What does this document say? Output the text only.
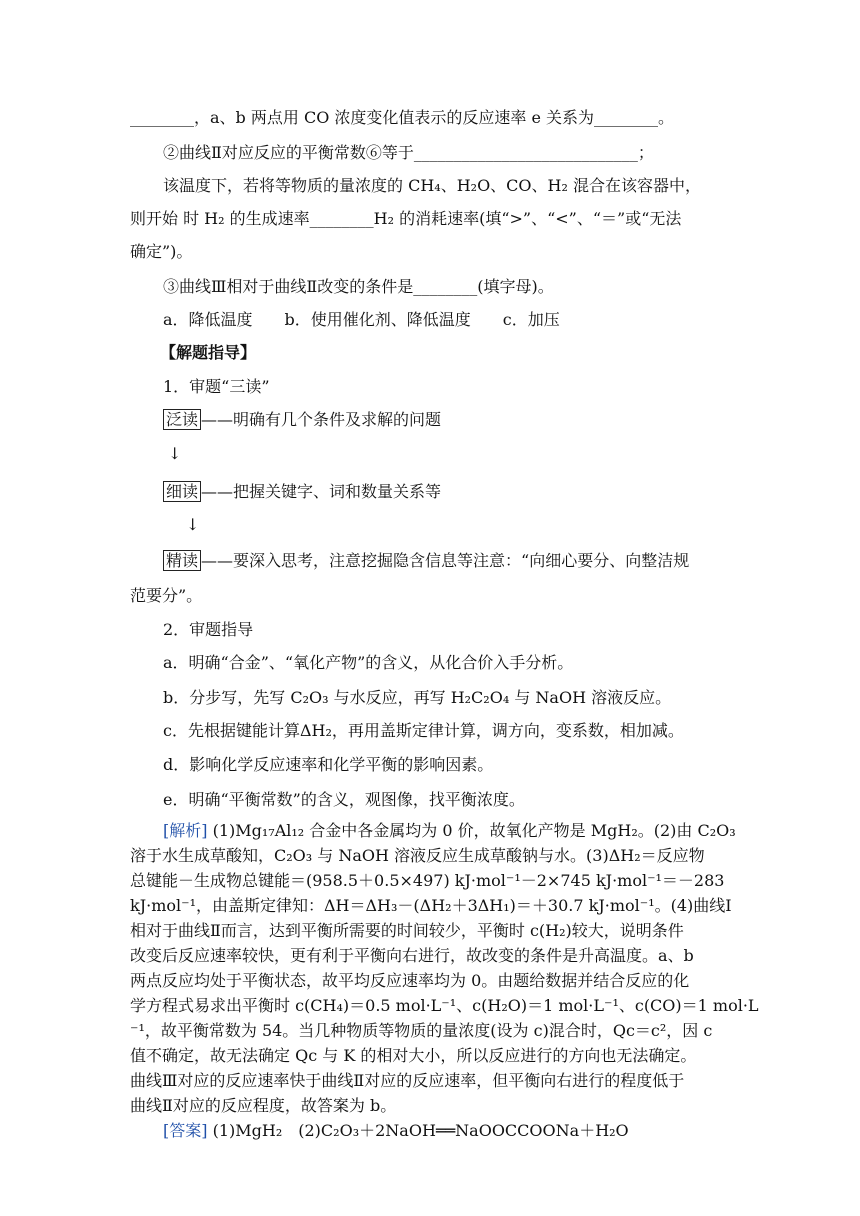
________，a、b 两点用 CO 浓度变化值表示的反应速率 e 关系为________。
②曲线Ⅱ对应反应的平衡常数⑥等于____________________________；
该温度下，若将等物质的量浓度的 CH₄、H₂O、CO、H₂ 混合在该容器中，
则开始 时 H₂ 的生成速率________H₂ 的消耗速率(填“>”、“<”、“＝”或“无法
确定”)。
③曲线Ⅲ相对于曲线Ⅱ改变的条件是________(填字母)。
a．降低温度　　b．使用催化剂、降低温度　　c．加压
【解题指导】
1．审题“三读”
泛读 ——明确有几个条件及求解的问题
↓
细读 ——把握关键字、词和数量关系等
↓
精读 ——要深入思考，注意挖掘隐含信息等注意：“向细心要分、向整洁规
范要分”。
2．审题指导
a．明确“合金”、“氧化产物”的含义，从化合价入手分析。
b．分步写，先写 C₂O₃ 与水反应，再写 H₂C₂O₄ 与 NaOH 溶液反应。
c．先根据键能计算ΔH₂，再用盖斯定律计算，调方向，变系数，相加减。
d．影响化学反应速率和化学平衡的影响因素。
e．明确“平衡常数”的含义，观图像，找平衡浓度。
[解析] (1)Mg₁₇Al₁₂ 合金中各金属均为 0 价，故氧化产物是 MgH₂。(2)由 C₂O₃
溶于水生成草酸知，C₂O₃ 与 NaOH 溶液反应生成草酸钠与水。(3)ΔH₂＝反应物
总键能－生成物总键能＝(958.5＋0.5×497) kJ·mol⁻¹－2×745 kJ·mol⁻¹＝－283
kJ·mol⁻¹，由盖斯定律知：ΔH＝ΔH₃－(ΔH₂＋3ΔH₁)＝＋30.7 kJ·mol⁻¹。(4)曲线Ⅰ
相对于曲线Ⅱ而言，达到平衡所需要的时间较少，平衡时 c(H₂)较大，说明条件
改变后反应速率较快，更有利于平衡向右进行，故改变的条件是升高温度。a、b
两点反应均处于平衡状态，故平均反应速率均为 0。由题给数据并结合反应的化
学方程式易求出平衡时 c(CH₄)＝0.5 mol·L⁻¹、c(H₂O)＝1 mol·L⁻¹、c(CO)＝1 mol·L
⁻¹，故平衡常数为 54。当几种物质等物质的量浓度(设为 c)混合时，Qc＝c²，因 c
值不确定，故无法确定 Qc 与 K 的相对大小，所以反应进行的方向也无法确定。
曲线Ⅲ对应的反应速率快于曲线Ⅱ对应的反应速率，但平衡向右进行的程度低于
曲线Ⅱ对应的反应程度，故答案为 b。
[答案] (1)MgH₂　(2)C₂O₃＋2NaOH══NaOOCCOONa＋H₂O
